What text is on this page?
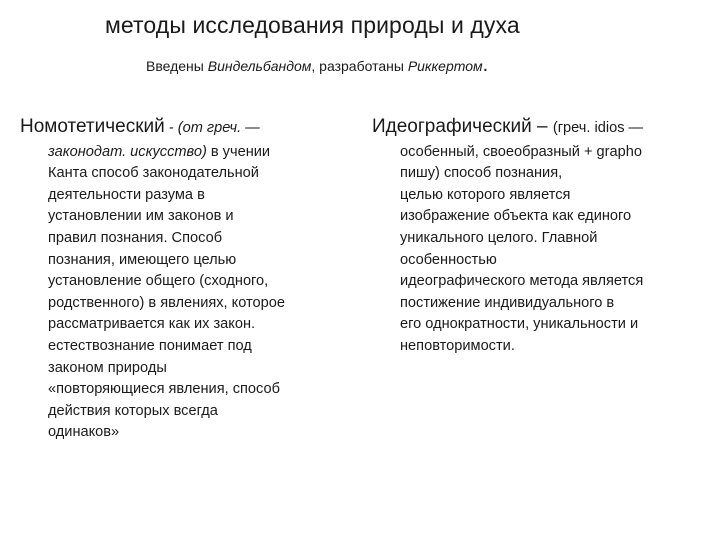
методы исследования природы и духа
Введены Виндельбандом, разработаны Риккертом.
Номотетический - (от греч. —
законодат. искусство) в учении
Канта способ законодательной
деятельности разума в
установлении им законов и
правил познания. Способ
познания, имеющего целью
установление общего (сходного,
родственного) в явлениях, которое
рассматривается как их закон.
естествознание понимает под
законом природы
«повторяющиеся явления, способ
действия которых всегда
одинаков»
Идеографический – (греч. idios —
особенный, своеобразный + grapho
пишу) способ познания,
целью которого является
изображение объекта как единого
уникального целого. Главной
особенностью
идеографического метода является
постижение индивидуального в
его однократности, уникальности и
неповторимости.
